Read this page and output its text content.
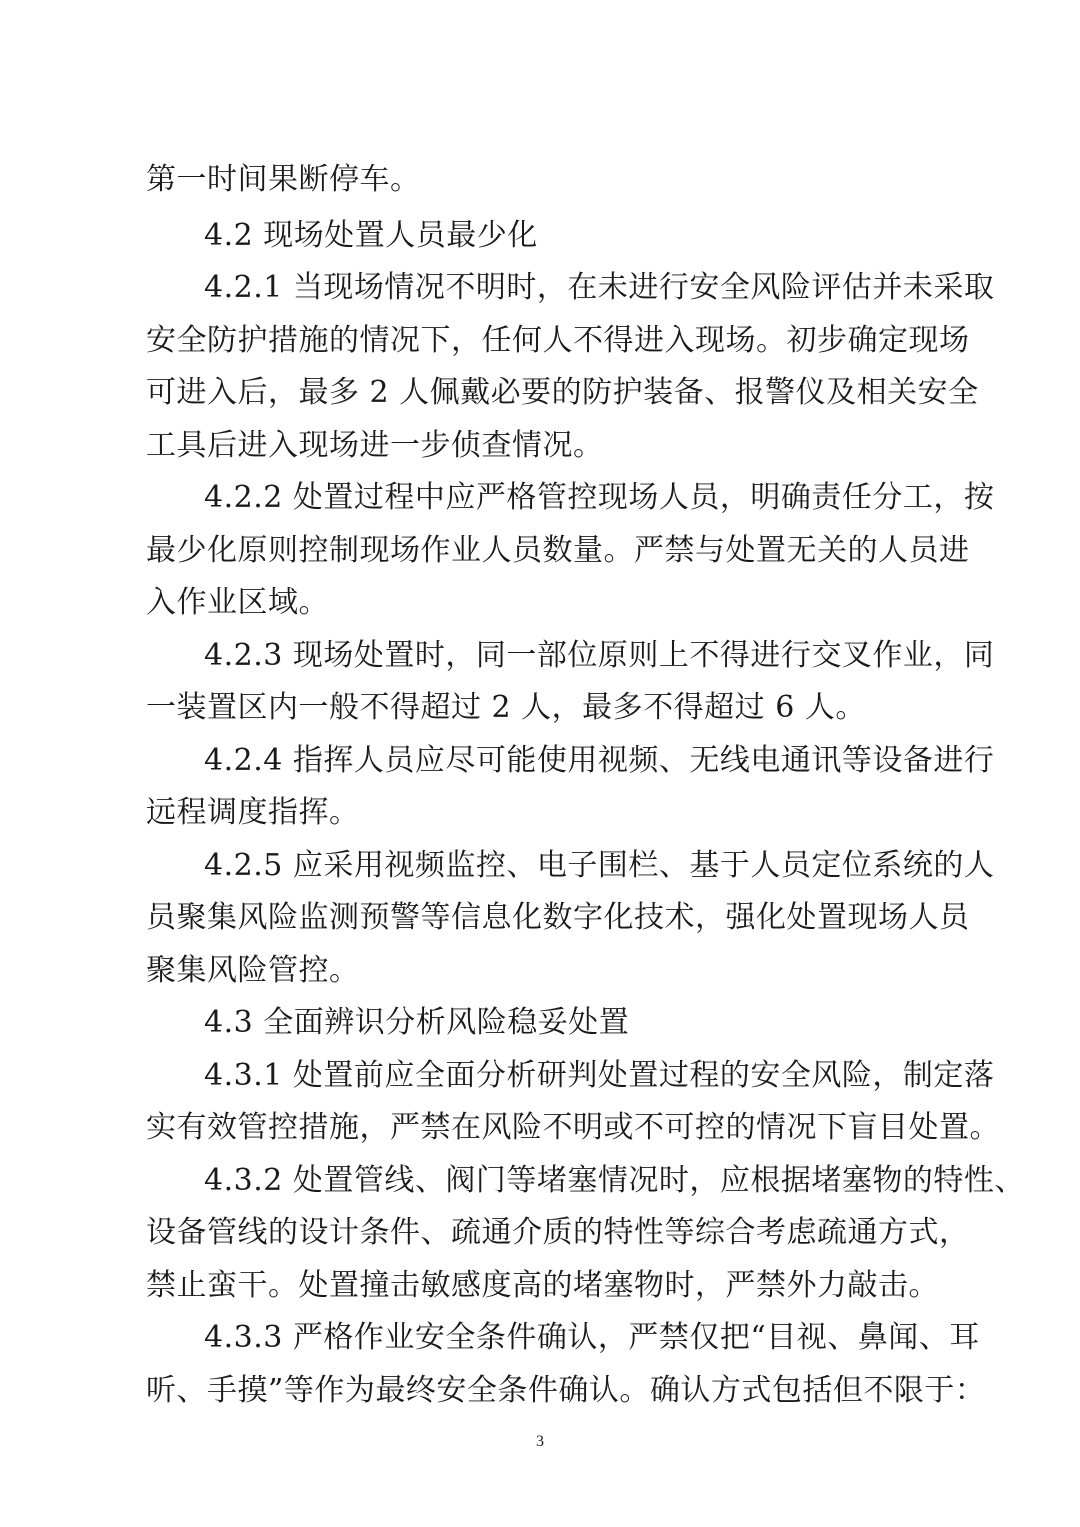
第一时间果断停车。
4.2 现场处置人员最少化
4.2.1 当现场情况不明时，在未进行安全风险评估并未采取
安全防护措施的情况下，任何人不得进入现场。初步确定现场
可进入后，最多 2 人佩戴必要的防护装备、报警仪及相关安全
工具后进入现场进一步侦查情况。
4.2.2 处置过程中应严格管控现场人员，明确责任分工，按
最少化原则控制现场作业人员数量。严禁与处置无关的人员进
入作业区域。
4.2.3 现场处置时，同一部位原则上不得进行交叉作业，同
一装置区内一般不得超过 2 人，最多不得超过 6 人。
4.2.4 指挥人员应尽可能使用视频、无线电通讯等设备进行
远程调度指挥。
4.2.5 应采用视频监控、电子围栏、基于人员定位系统的人
员聚集风险监测预警等信息化数字化技术，强化处置现场人员
聚集风险管控。
4.3 全面辨识分析风险稳妥处置
4.3.1 处置前应全面分析研判处置过程的安全风险，制定落
实有效管控措施，严禁在风险不明或不可控的情况下盲目处置。
4.3.2 处置管线、阀门等堵塞情况时，应根据堵塞物的特性、
设备管线的设计条件、疏通介质的特性等综合考虑疏通方式，
禁止蛮干。处置撞击敏感度高的堵塞物时，严禁外力敲击。
4.3.3 严格作业安全条件确认，严禁仅把“目视、鼻闻、耳
听、手摸”等作为最终安全条件确认。确认方式包括但不限于：
3
